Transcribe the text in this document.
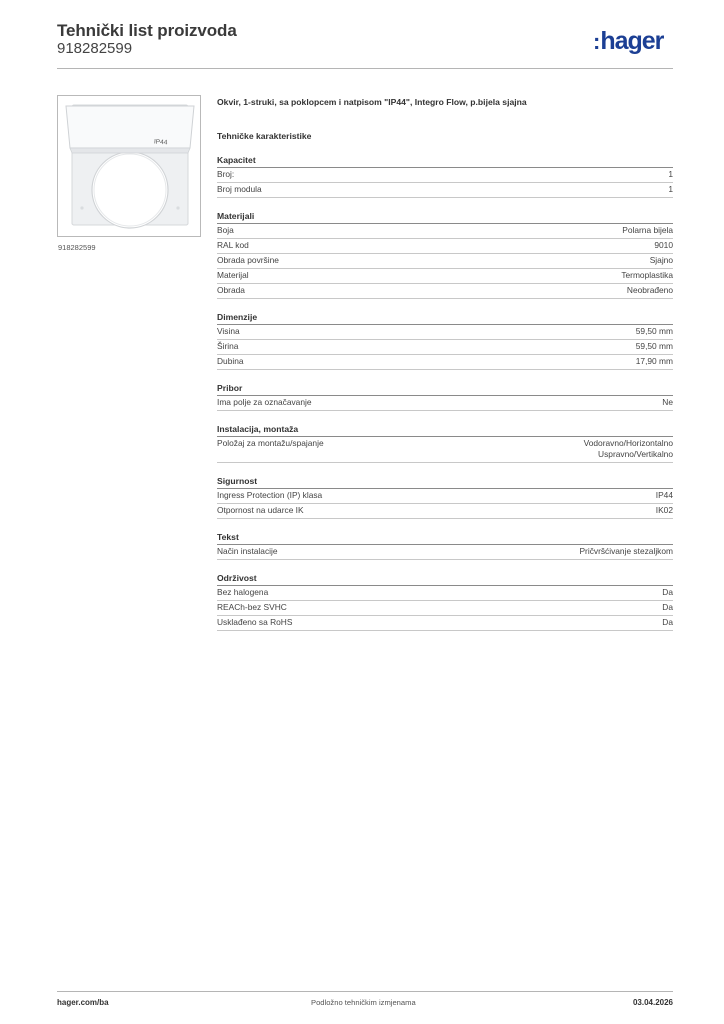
Tehnički list proizvoda
918282599	:hager
IP44
918282599
Okvir, 1-struki, sa poklopcem i natpisom "IP44", Integro Flow, p.bijela sjajna
Tehničke karakteristike
Kapacitet
Broj:	1
Broj modula	1
Materijali
Boja	Polarna bijela
RAL kod	9010
Obrada površine	Sjajno
Materijal	Termoplastika
Obrada	Neobrađeno
Dimenzije
Visina	59,50 mm
Širina	59,50 mm
Dubina	17,90 mm
Pribor
Ima polje za označavanje	Ne
Instalacija, montaža
Položaj za montažu/spajanje	Vodoravno/Horizontalno
Uspravno/Vertikalno
Sigurnost
Ingress Protection (IP) klasa	IP44
Otpornost na udarce IK	IK02
Tekst
Način instalacije	Pričvršćivanje stezaljkom
Održivost
Bez halogena	Da
REACh-bez SVHC	Da
Usklađeno sa RoHS	Da
hager.com/ba	Podložno tehničkim izmjenama	03.04.2026
